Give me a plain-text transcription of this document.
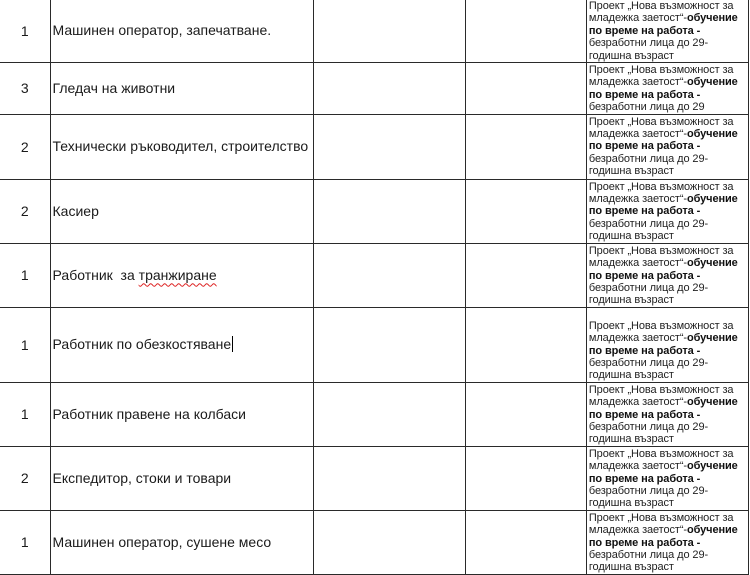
1	Машинен оператор, запечатване.			Проект „Нова възможност за младежка заетост“-обучение по време на работа - безработни лица до 29-годишна възраст
3	Гледач на животни			Проект „Нова възможност за младежка заетост“-обучение по време на работа - безработни лица до 29
2	Технически ръководител, строителство			Проект „Нова възможност за младежка заетост“-обучение по време на работа - безработни лица до 29-годишна възраст
2	Касиер			Проект „Нова възможност за младежка заетост“-обучение по време на работа - безработни лица до 29-годишна възраст
1	Работник  за транжиране			Проект „Нова възможност за младежка заетост“-обучение по време на работа - безработни лица до 29-годишна възраст
1	Работник по обезкостяване			Проект „Нова възможност за младежка заетост“-обучение по време на работа - безработни лица до 29-годишна възраст
1	Работник правене на колбаси			Проект „Нова възможност за младежка заетост“-обучение по време на работа - безработни лица до 29-годишна възраст
2	Експедитор, стоки и товари			Проект „Нова възможност за младежка заетост“-обучение по време на работа - безработни лица до 29-годишна възраст
1	Машинен оператор, сушене месо			Проект „Нова възможност за младежка заетост“-обучение по време на работа - безработни лица до 29-годишна възраст
